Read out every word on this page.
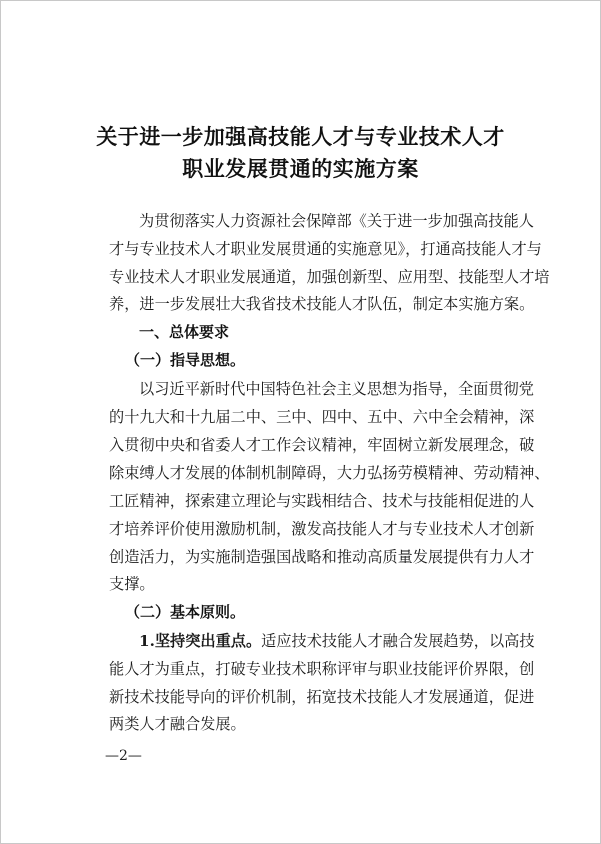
关于进一步加强高技能人才与专业技术人才
职业发展贯通的实施方案
为贯彻落实人力资源社会保障部《关于进一步加强高技能人
才与专业技术人才职业发展贯通的实施意见》，打通高技能人才与
专业技术人才职业发展通道，加强创新型、应用型、技能型人才培
养，进一步发展壮大我省技术技能人才队伍，制定本实施方案。
一、总体要求
（一）指导思想。
以习近平新时代中国特色社会主义思想为指导，全面贯彻党
的十九大和十九届二中、三中、四中、五中、六中全会精神，深
入贯彻中央和省委人才工作会议精神，牢固树立新发展理念，破
除束缚人才发展的体制机制障碍，大力弘扬劳模精神、劳动精神、
工匠精神，探索建立理论与实践相结合、技术与技能相促进的人
才培养评价使用激励机制，激发高技能人才与专业技术人才创新
创造活力，为实施制造强国战略和推动高质量发展提供有力人才
支撑。
（二）基本原则。
1.坚持突出重点。 适应技术技能人才融合发展趋势，以高技
能人才为重点，打破专业技术职称评审与职业技能评价界限，创
新技术技能导向的评价机制，拓宽技术技能人才发展通道，促进
两类人才融合发展。
—2—
